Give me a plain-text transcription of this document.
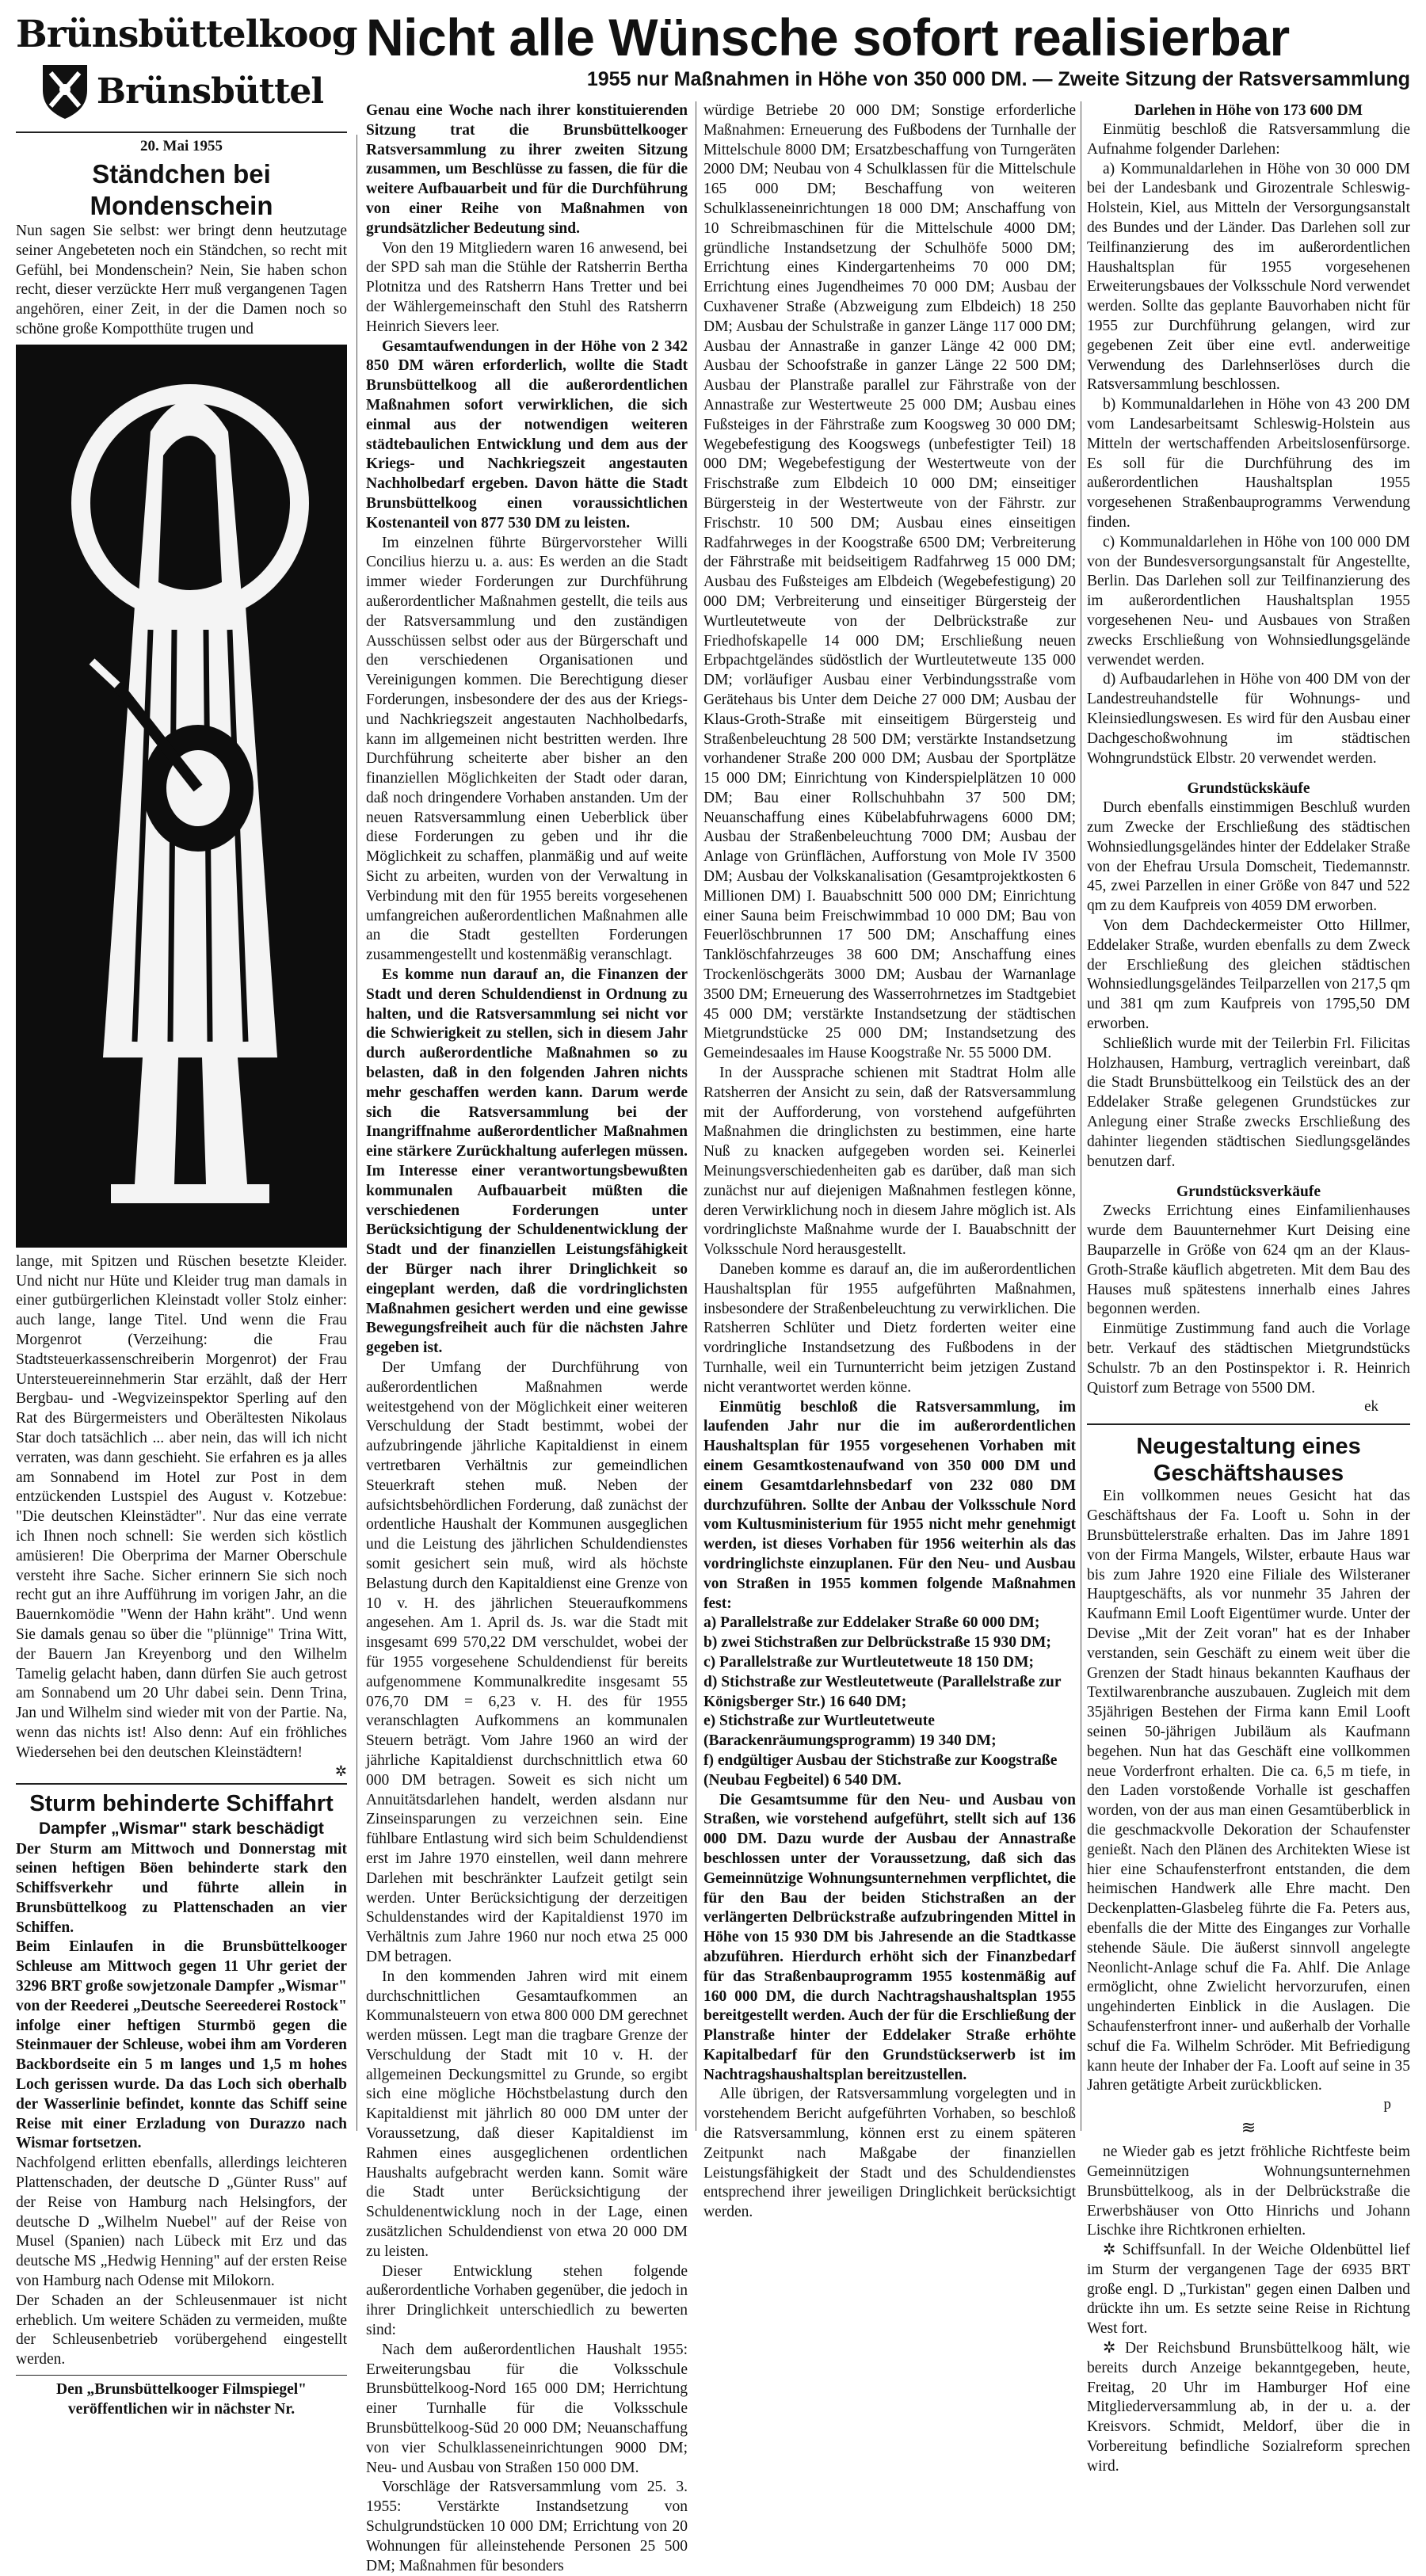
Brünsbüttelkoog
Brünsbüttel
20. Mai 1955
Ständchen bei Mondenschein

Nun sagen Sie selbst: wer bringt denn heutzutage seiner Angebeteten noch ein Ständchen, so recht mit Gefühl, bei Mondenschein? Nein, Sie haben schon recht, dieser verzückte Herr muß vergangenen Tagen angehören, einer Zeit, in der die Damen noch so schöne große Kompotthüte trugen und

lange, mit Spitzen und Rüschen besetzte Kleider. Und nicht nur Hüte und Kleider trug man damals in einer gutbürgerlichen Kleinstadt voller Stolz einher: auch lange, lange Titel. Und wenn die Frau Morgenrot (Verzeihung: die Frau Stadtsteuerkassenschreiberin Morgenrot) der Frau Untersteuereinnehmerin Star erzählt, daß der Herr Bergbau- und -Wegvizeinspektor Sperling auf den Rat des Bürgermeisters und Oberältesten Nikolaus Star doch tatsächlich ... aber nein, das will ich nicht verraten, was dann geschieht. Sie erfahren es ja alles am Sonnabend im Hotel zur Post in dem entzückenden Lustspiel des August v. Kotzebue: "Die deutschen Kleinstädter". Nur das eine verrate ich Ihnen noch schnell: Sie werden sich köstlich amüsieren! Die Oberprima der Marner Oberschule versteht ihre Sache. Sicher erinnern Sie sich noch recht gut an ihre Aufführung im vorigen Jahr, an die Bauernkomödie "Wenn der Hahn kräht". Und wenn Sie damals genau so über die "plünnige" Trina Witt, der Bauern Jan Kreyenborg und den Wilhelm Tamelig gelacht haben, dann dürfen Sie auch getrost am Sonnabend um 20 Uhr dabei sein. Denn Trina, Jan und Wilhelm sind wieder mit von der Partie. Na, wenn das nichts ist! Also denn: Auf ein fröhliches Wiedersehen bei den deutschen Kleinstädtern!

✲
Sturm behinderte Schiffahrt
Dampfer „Wismar" stark beschädigt

Der Sturm am Mittwoch und Donnerstag mit seinen heftigen Böen behinderte stark den Schiffsverkehr und führte allein in Brunsbüttelkoog zu Plattenschaden an vier Schiffen.

Beim Einlaufen in die Brunsbüttelkooger Schleuse am Mittwoch gegen 11 Uhr geriet der 3296 BRT große sowjetzonale Dampfer „Wismar" von der Reederei „Deutsche Seereederei Rostock" infolge einer heftigen Sturmbö gegen die Steinmauer der Schleuse, wobei ihm am Vorderen Backbordseite ein 5 m langes und 1,5 m hohes Loch gerissen wurde. Da das Loch sich oberhalb der Wasserlinie befindet, konnte das Schiff seine Reise mit einer Erzladung von Durazzo nach Wismar fortsetzen.

Nachfolgend erlitten ebenfalls, allerdings leichteren Plattenschaden, der deutsche D „Günter Russ" auf der Reise von Hamburg nach Helsingfors, der deutsche D „Wilhelm Nuebel" auf der Reise von Musel (Spanien) nach Lübeck mit Erz und das deutsche MS „Hedwig Henning" auf der ersten Reise von Hamburg nach Odense mit Milokorn.

Der Schaden an der Schleusenmauer ist nicht erheblich. Um weitere Schäden zu vermeiden, mußte der Schleusenbetrieb vorübergehend eingestellt werden.

Den „Brunsbüttelkooger Filmspiegel" veröffentlichen wir in nächster Nr.

Nicht alle Wünsche sofort realisierbar
1955 nur Maßnahmen in Höhe von 350 000 DM. — Zweite Sitzung der Ratsversammlung

Genau eine Woche nach ihrer konstituierenden Sitzung trat die Brunsbüttelkooger Ratsversammlung zu ihrer zweiten Sitzung zusammen, um Beschlüsse zu fassen, die für die weitere Aufbauarbeit und für die Durchführung von einer Reihe von Maßnahmen von grundsätzlicher Bedeutung sind.

Von den 19 Mitgliedern waren 16 anwesend, bei der SPD sah man die Stühle der Ratsherrin Bertha Plotnitza und des Ratsherrn Hans Tretter und bei der Wählergemeinschaft den Stuhl des Ratsherrn Heinrich Sievers leer.

Gesamtaufwendungen in der Höhe von 2 342 850 DM wären erforderlich, wollte die Stadt Brunsbüttelkoog all die außerordentlichen Maßnahmen sofort verwirklichen, die sich einmal aus der notwendigen weiteren städtebaulichen Entwicklung und dem aus der Kriegs- und Nachkriegszeit angestauten Nachholbedarf ergeben. Davon hätte die Stadt Brunsbüttelkoog einen voraussichtlichen Kostenanteil von 877 530 DM zu leisten.

Im einzelnen führte Bürgervorsteher Willi Concilius hierzu u. a. aus: Es werden an die Stadt immer wieder Forderungen zur Durchführung außerordentlicher Maßnahmen gestellt, die teils aus der Ratsversammlung und den zuständigen Ausschüssen selbst oder aus der Bürgerschaft und den verschiedenen Organisationen und Vereinigungen kommen. Die Berechtigung dieser Forderungen, insbesondere der des aus der Kriegs- und Nachkriegszeit angestauten Nachholbedarfs, kann im allgemeinen nicht bestritten werden. Ihre Durchführung scheiterte aber bisher an den finanziellen Möglichkeiten der Stadt oder daran, daß noch dringendere Vorhaben anstanden. Um der neuen Ratsversammlung einen Ueberblick über diese Forderungen zu geben und ihr die Möglichkeit zu schaffen, planmäßig und auf weite Sicht zu arbeiten, wurden von der Verwaltung in Verbindung mit den für 1955 bereits vorgesehenen umfangreichen außerordentlichen Maßnahmen alle an die Stadt gestellten Forderungen zusammengestellt und kostenmäßig veranschlagt.

Es komme nun darauf an, die Finanzen der Stadt und deren Schuldendienst in Ordnung zu halten, und die Ratsversammlung sei nicht vor die Schwierigkeit zu stellen, sich in diesem Jahr durch außerordentliche Maßnahmen so zu belasten, daß in den folgenden Jahren nichts mehr geschaffen werden kann. Darum werde sich die Ratsversammlung bei der Inangriffnahme außerordentlicher Maßnahmen eine stärkere Zurückhaltung auferlegen müssen. Im Interesse einer verantwortungsbewußten kommunalen Aufbauarbeit müßten die verschiedenen Forderungen unter Berücksichtigung der Schuldenentwicklung der Stadt und der finanziellen Leistungsfähigkeit der Bürger nach ihrer Dringlichkeit so eingeplant werden, daß die vordringlichsten Maßnahmen gesichert werden und eine gewisse Bewegungsfreiheit auch für die nächsten Jahre gegeben ist.

Der Umfang der Durchführung von außerordentlichen Maßnahmen werde weitestgehend von der Möglichkeit einer weiteren Verschuldung der Stadt bestimmt, wobei der aufzubringende jährliche Kapitaldienst in einem vertretbaren Verhältnis zur gemeindlichen Steuerkraft stehen muß. Neben der aufsichtsbehördlichen Forderung, daß zunächst der ordentliche Haushalt der Kommunen ausgeglichen und die Leistung des jährlichen Schuldendienstes somit gesichert sein muß, wird als höchste Belastung durch den Kapitaldienst eine Grenze von 10 v. H. des jährlichen Steueraufkommens angesehen. Am 1. April ds. Js. war die Stadt mit insgesamt 699 570,22 DM verschuldet, wobei der für 1955 vorgesehene Schuldendienst für bereits aufgenommene Kommunalkredite insgesamt 55 076,70 DM = 6,23 v. H. des für 1955 veranschlagten Aufkommens an kommunalen Steuern beträgt. Vom Jahre 1960 an wird der jährliche Kapitaldienst durchschnittlich etwa 60 000 DM betragen. Soweit es sich nicht um Annuitätsdarlehen handelt, werden alsdann nur Zinseinsparungen zu verzeichnen sein. Eine fühlbare Entlastung wird sich beim Schuldendienst erst im Jahre 1970 einstellen, weil dann mehrere Darlehen mit beschränkter Laufzeit getilgt sein werden. Unter Berücksichtigung der derzeitigen Schuldenstandes wird der Kapitaldienst 1970 im Verhältnis zum Jahre 1960 nur noch etwa 25 000 DM betragen.

In den kommenden Jahren wird mit einem durchschnittlichen Gesamtaufkommen an Kommunalsteuern von etwa 800 000 DM gerechnet werden müssen. Legt man die tragbare Grenze der Verschuldung der Stadt mit 10 v. H. der allgemeinen Deckungsmittel zu Grunde, so ergibt sich eine mögliche Höchstbelastung durch den Kapitaldienst mit jährlich 80 000 DM unter der Voraussetzung, daß dieser Kapitaldienst im Rahmen eines ausgeglichenen ordentlichen Haushalts aufgebracht werden kann. Somit wäre die Stadt unter Berücksichtigung der Schuldenentwicklung noch in der Lage, einen zusätzlichen Schuldendienst von etwa 20 000 DM zu leisten.

Dieser Entwicklung stehen folgende außerordentliche Vorhaben gegenüber, die jedoch in ihrer Dringlichkeit unterschiedlich zu bewerten sind:

Nach dem außerordentlichen Haushalt 1955: Erweiterungsbau für die Volksschule Brunsbüttelkoog-Nord 165 000 DM; Herrichtung einer Turnhalle für die Volksschule Brunsbüttelkoog-Süd 20 000 DM; Neuanschaffung von vier Schulklasseneinrichtungen 9000 DM; Neu- und Ausbau von Straßen 150 000 DM.

Vorschläge der Ratsversammlung vom 25. 3. 1955: Verstärkte Instandsetzung von Schulgrundstücken 10 000 DM; Errichtung von 20 Wohnungen für alleinstehende Personen 25 500 DM; Maßnahmen für besonders

würdige Betriebe 20 000 DM; Sonstige erforderliche Maßnahmen: Erneuerung des Fußbodens der Turnhalle der Mittelschule 8000 DM; Ersatzbeschaffung von Turngeräten 2000 DM; Neubau von 4 Schulklassen für die Mittelschule 165 000 DM; Beschaffung von weiteren Schulklasseneinrichtungen 18 000 DM; Anschaffung von 10 Schreibmaschinen für die Mittelschule 4000 DM; gründliche Instandsetzung der Schulhöfe 5000 DM; Errichtung eines Kindergartenheims 70 000 DM; Errichtung eines Jugendheimes 70 000 DM; Ausbau der Cuxhavener Straße (Abzweigung zum Elbdeich) 18 250 DM; Ausbau der Schulstraße in ganzer Länge 117 000 DM; Ausbau der Annastraße in ganzer Länge 42 000 DM; Ausbau der Schoofstraße in ganzer Länge 22 500 DM; Ausbau der Planstraße parallel zur Fährstraße von der Annastraße zur Westertweute 25 000 DM; Ausbau eines Fußsteiges in der Fährstraße zum Koogsweg 30 000 DM; Wegebefestigung des Koogswegs (unbefestigter Teil) 18 000 DM; Wegebefestigung der Westertweute von der Frischstraße zum Elbdeich 10 000 DM; einseitiger Bürgersteig in der Westertweute von der Fährstr. zur Frischstr. 10 500 DM; Ausbau eines einseitigen Radfahrweges in der Koogstraße 6500 DM; Verbreiterung der Fährstraße mit beidseitigem Radfahrweg 15 000 DM; Ausbau des Fußsteiges am Elbdeich (Wegebefestigung) 20 000 DM; Verbreiterung und einseitiger Bürgersteig der Wurtleutetweute von der Delbrückstraße zur Friedhofskapelle 14 000 DM; Erschließung neuen Erbpachtgeländes südöstlich der Wurtleutetweute 135 000 DM; vorläufiger Ausbau einer Verbindungsstraße vom Gerätehaus bis Unter dem Deiche 27 000 DM; Ausbau der Klaus-Groth-Straße mit einseitigem Bürgersteig und Straßenbeleuchtung 28 500 DM; verstärkte Instandsetzung vorhandener Straße 200 000 DM; Ausbau der Sportplätze 15 000 DM; Einrichtung von Kinderspielplätzen 10 000 DM; Bau einer Rollschuhbahn 37 500 DM; Neuanschaffung eines Kübelabfuhrwagens 6000 DM; Ausbau der Straßenbeleuchtung 7000 DM; Ausbau der Anlage von Grünflächen, Aufforstung von Mole IV 3500 DM; Ausbau der Volkskanalisation (Gesamtprojektkosten 6 Millionen DM) I. Bauabschnitt 500 000 DM; Einrichtung einer Sauna beim Freischwimmbad 10 000 DM; Bau von Feuerlöschbrunnen 17 500 DM; Anschaffung eines Tanklöschfahrzeuges 38 600 DM; Anschaffung eines Trockenlöschgeräts 3000 DM; Ausbau der Warnanlage 3500 DM; Erneuerung des Wasserrohrnetzes im Stadtgebiet 45 000 DM; verstärkte Instandsetzung der städtischen Mietgrundstücke 25 000 DM; Instandsetzung des Gemeindesaales im Hause Koogstraße Nr. 55 5000 DM.

In der Aussprache schienen mit Stadtrat Holm alle Ratsherren der Ansicht zu sein, daß der Ratsversammlung mit der Aufforderung, von vorstehend aufgeführten Maßnahmen die dringlichsten zu bestimmen, eine harte Nuß zu knacken aufgegeben worden sei. Keinerlei Meinungsverschiedenheiten gab es darüber, daß man sich zunächst nur auf diejenigen Maßnahmen festlegen könne, deren Verwirklichung noch in diesem Jahre möglich ist. Als vordringlichste Maßnahme wurde der I. Bauabschnitt der Volksschule Nord herausgestellt.

Daneben komme es darauf an, die im außerordentlichen Haushaltsplan für 1955 aufgeführten Maßnahmen, insbesondere der Straßenbeleuchtung zu verwirklichen. Die Ratsherren Schlüter und Dietz forderten weiter eine vordringliche Instandsetzung des Fußbodens in der Turnhalle, weil ein Turnunterricht beim jetzigen Zustand nicht verantwortet werden könne.

Einmütig beschloß die Ratsversammlung, im laufenden Jahr nur die im außerordentlichen Haushaltsplan für 1955 vorgesehenen Vorhaben mit einem Gesamtkostenaufwand von 350 000 DM und einem Gesamtdarlehnsbedarf von 232 080 DM durchzuführen. Sollte der Anbau der Volksschule Nord vom Kultusministerium für 1955 nicht mehr genehmigt werden, ist dieses Vorhaben für 1956 weiterhin als das vordringlichste einzuplanen. Für den Neu- und Ausbau von Straßen in 1955 kommen folgende Maßnahmen fest:

a) Parallelstraße zur Eddelaker Straße 60 000 DM;
b) zwei Stichstraßen zur Delbrückstraße 15 930 DM;
c) Parallelstraße zur Wurtleutetweute 18 150 DM;
d) Stichstraße zur Westleutetweute (Parallelstraße zur Königsberger Str.) 16 640 DM;
e) Stichstraße zur Wurtleutetweute (Barackenräumungsprogramm) 19 340 DM;
f) endgültiger Ausbau der Stichstraße zur Koogstraße (Neubau Fegbeitel) 6 540 DM.

Die Gesamtsumme für den Neu- und Ausbau von Straßen, wie vorstehend aufgeführt, stellt sich auf 136 000 DM. Dazu wurde der Ausbau der Annastraße beschlossen unter der Voraussetzung, daß sich das Gemeinnützige Wohnungsunternehmen verpflichtet, die für den Bau der beiden Stichstraßen an der verlängerten Delbrückstraße aufzubringenden Mittel in Höhe von 15 930 DM bis Jahresende an die Stadtkasse abzuführen. Hierdurch erhöht sich der Finanzbedarf für das Straßenbauprogramm 1955 kostenmäßig auf 160 000 DM, die durch Nachtragshaushaltsplan 1955 bereitgestellt werden. Auch der für die Erschließung der Planstraße hinter der Eddelaker Straße erhöhte Kapitalbedarf für den Grundstückserwerb ist im Nachtragshaushaltsplan bereitzustellen.

Alle übrigen, der Ratsversammlung vorgelegten und in vorstehendem Bericht aufgeführten Vorhaben, so beschloß die Ratsversammlung, können erst zu einem späteren Zeitpunkt nach Maßgabe der finanziellen Leistungsfähigkeit der Stadt und des Schuldendienstes entsprechend ihrer jeweiligen Dringlichkeit berücksichtigt werden.

Darlehen in Höhe von 173 600 DM

Einmütig beschloß die Ratsversammlung die Aufnahme folgender Darlehen:

a) Kommunaldarlehen in Höhe von 30 000 DM bei der Landesbank und Girozentrale Schleswig-Holstein, Kiel, aus Mitteln der Versorgungsanstalt des Bundes und der Länder. Das Darlehen soll zur Teilfinanzierung des im außerordentlichen Haushaltsplan für 1955 vorgesehenen Erweiterungsbaues der Volksschule Nord verwendet werden. Sollte das geplante Bauvorhaben nicht für 1955 zur Durchführung gelangen, wird zur gegebenen Zeit über eine evtl. anderweitige Verwendung des Darlehnserlöses durch die Ratsversammlung beschlossen.

b) Kommunaldarlehen in Höhe von 43 200 DM vom Landesarbeitsamt Schleswig-Holstein aus Mitteln der wertschaffenden Arbeitslosenfürsorge. Es soll für die Durchführung des im außerordentlichen Haushaltsplan 1955 vorgesehenen Straßenbauprogramms Verwendung finden.

c) Kommunaldarlehen in Höhe von 100 000 DM von der Bundesversorgungsanstalt für Angestellte, Berlin. Das Darlehen soll zur Teilfinanzierung des im außerordentlichen Haushaltsplan 1955 vorgesehenen Neu- und Ausbaues von Straßen zwecks Erschließung von Wohnsiedlungsgelände verwendet werden.

d) Aufbaudarlehen in Höhe von 400 DM von der Landestreuhandstelle für Wohnungs- und Kleinsiedlungswesen. Es wird für den Ausbau einer Dachgeschoßwohnung im städtischen Wohngrundstück Elbstr. 20 verwendet werden.

Grundstückskäufe

Durch ebenfalls einstimmigen Beschluß wurden zum Zwecke der Erschließung des städtischen Wohnsiedlungsgeländes hinter der Eddelaker Straße von der Ehefrau Ursula Domscheit, Tiedemannstr. 45, zwei Parzellen in einer Größe von 847 und 522 qm zu dem Kaufpreis von 4059 DM erworben.

Von dem Dachdeckermeister Otto Hillmer, Eddelaker Straße, wurden ebenfalls zu dem Zweck der Erschließung des gleichen städtischen Wohnsiedlungsgeländes Teilparzellen von 217,5 qm und 381 qm zum Kaufpreis von 1795,50 DM erworben.

Schließlich wurde mit der Teilerbin Frl. Filicitas Holzhausen, Hamburg, vertraglich vereinbart, daß die Stadt Brunsbüttelkoog ein Teilstück des an der Eddelaker Straße gelegenen Grundstückes zur Anlegung einer Straße zwecks Erschließung des dahinter liegenden städtischen Siedlungsgeländes benutzen darf.

Grundstücksverkäufe

Zwecks Errichtung eines Einfamilienhauses wurde dem Bauunternehmer Kurt Deising eine Bauparzelle in Größe von 624 qm an der Klaus-Groth-Straße käuflich abgetreten. Mit dem Bau des Hauses muß spätestens innerhalb eines Jahres begonnen werden.

Einmütige Zustimmung fand auch die Vorlage betr. Verkauf des städtischen Mietgrundstücks Schulstr. 7b an den Postinspektor i. R. Heinrich Quistorf zum Betrage von 5500 DM.

ek
Neugestaltung eines Geschäftshauses

Ein vollkommen neues Gesicht hat das Geschäftshaus der Fa. Looft u. Sohn in der Brunsbüttelerstraße erhalten. Das im Jahre 1891 von der Firma Mangels, Wilster, erbaute Haus war bis zum Jahre 1920 eine Filiale des Wilsteraner Hauptgeschäfts, als vor nunmehr 35 Jahren der Kaufmann Emil Looft Eigentümer wurde. Unter der Devise „Mit der Zeit voran" hat es der Inhaber verstanden, sein Geschäft zu einem weit über die Grenzen der Stadt hinaus bekannten Kaufhaus der Textilwarenbranche auszubauen. Zugleich mit dem 35jährigen Bestehen der Firma kann Emil Looft seinen 50-jährigen Jubiläum als Kaufmann begehen. Nun hat das Geschäft eine vollkommen neue Vorderfront erhalten. Die ca. 6,5 m tiefe, in den Laden vorstoßende Vorhalle ist geschaffen worden, von der aus man einen Gesamtüberblick in die geschmackvolle Dekoration der Schaufenster genießt. Nach den Plänen des Architekten Wiese ist hier eine Schaufensterfront entstanden, die dem heimischen Handwerk alle Ehre macht. Den Deckenplatten-Glasbeleg führte die Fa. Peters aus, ebenfalls die der Mitte des Einganges zur Vorhalle stehende Säule. Die äußerst sinnvoll angelegte Neonlicht-Anlage schuf die Fa. Ahlf. Die Anlage ermöglicht, ohne Zwielicht hervorzurufen, einen ungehinderten Einblick in die Auslagen. Die Schaufensterfront inner- und außerhalb der Vorhalle schuf die Fa. Wilhelm Schröder. Mit Befriedigung kann heute der Inhaber der Fa. Looft auf seine in 35 Jahren getätigte Arbeit zurückblicken.

p
≋

ne Wieder gab es jetzt fröhliche Richtfeste beim Gemeinnützigen Wohnungsunternehmen Brunsbüttelkoog, als in der Delbrückstraße die Erwerbshäuser von Otto Hinrichs und Johann Lischke ihre Richtkronen erhielten.

✲ Schiffsunfall. In der Weiche Oldenbüttel lief im Sturm der vergangenen Tage der 6935 BRT große engl. D „Turkistan" gegen einen Dalben und drückte ihn um. Es setzte seine Reise in Richtung West fort.

✲ Der Reichsbund Brunsbüttelkoog hält, wie bereits durch Anzeige bekanntgegeben, heute, Freitag, 20 Uhr im Hamburger Hof eine Mitgliederversammlung ab, in der u. a. der Kreisvors. Schmidt, Meldorf, über die in Vorbereitung befindliche Sozialreform sprechen wird.
